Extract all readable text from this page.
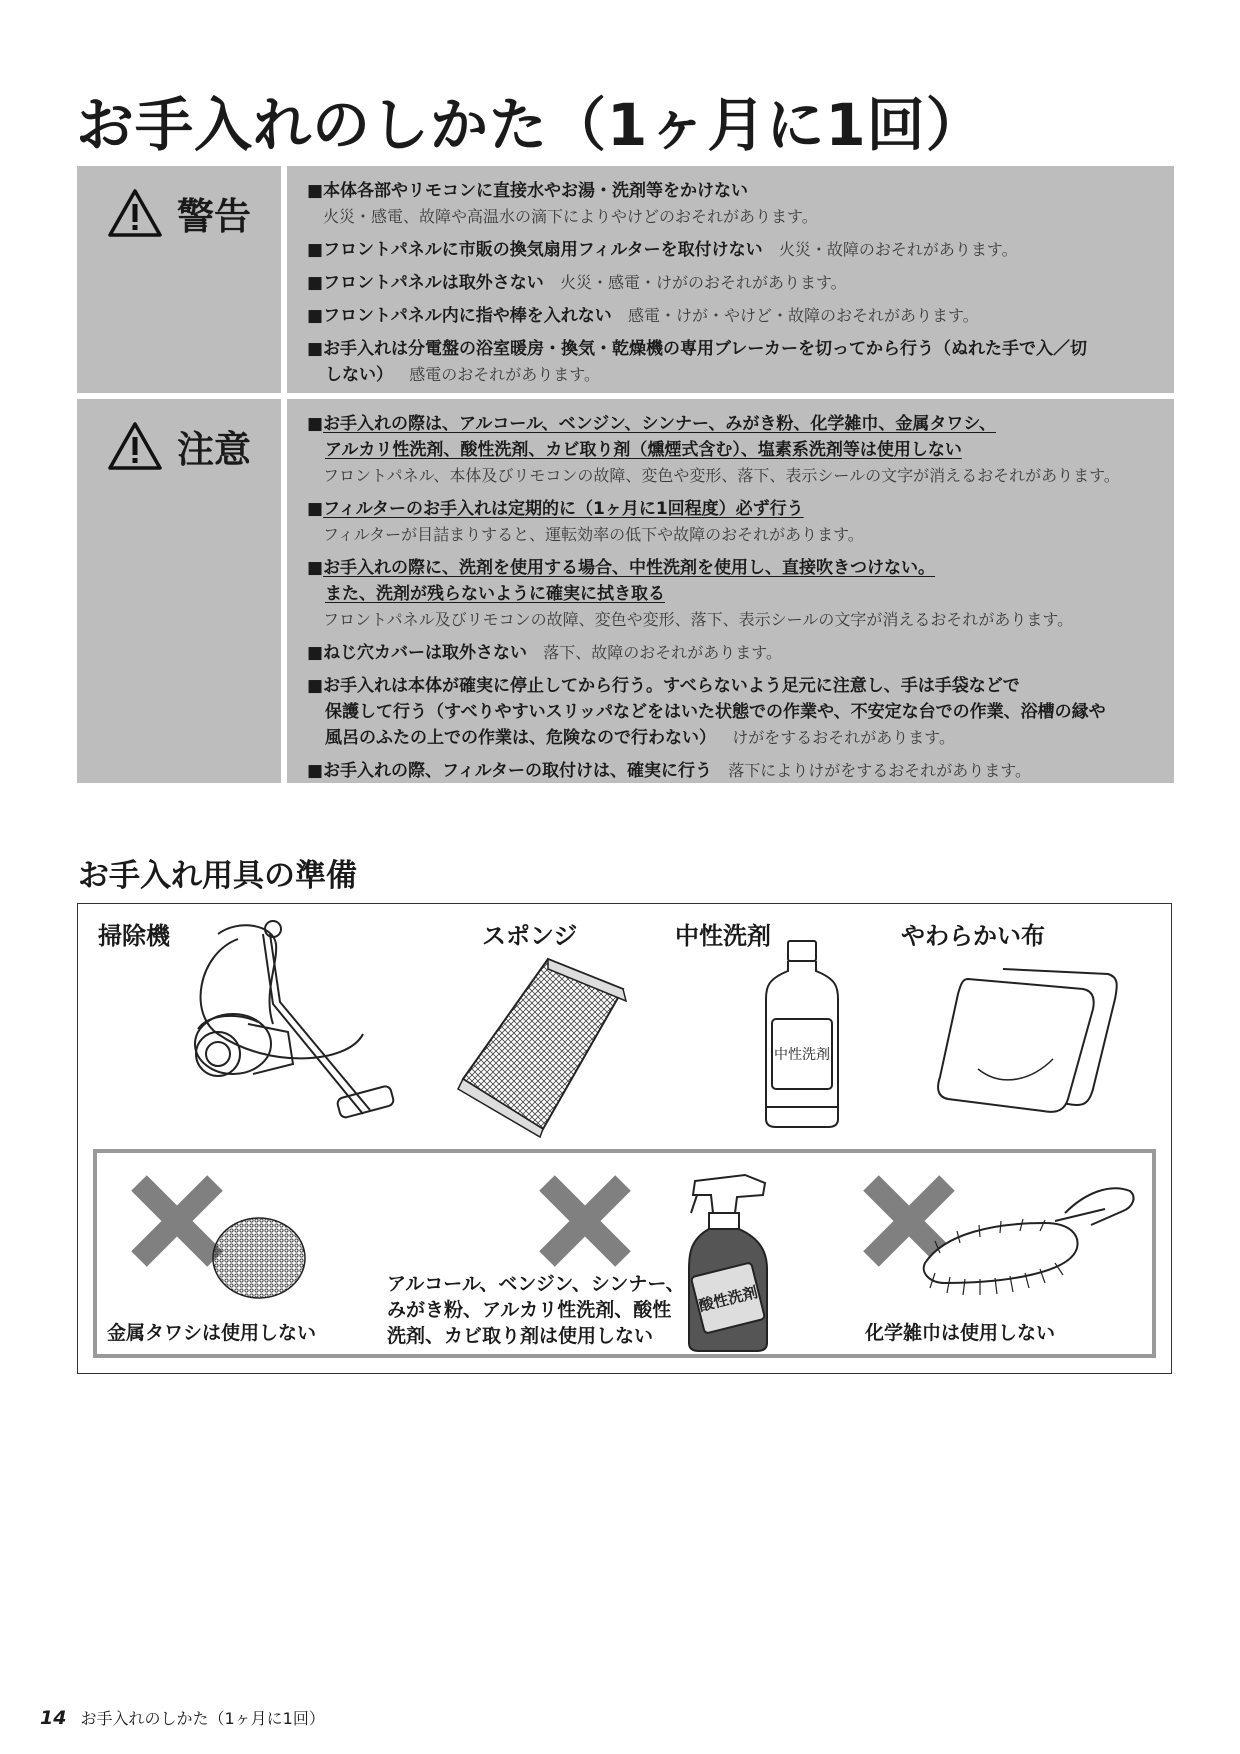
お手入れのしかた（1ヶ月に1回）
警告
■本体各部やリモコンに直接水やお湯・洗剤等をかけない
火災・感電、故障や高温水の滴下によりやけどのおそれがあります。
■フロントパネルに市販の換気扇用フィルターを取付けない 火災・故障のおそれがあります。
■フロントパネルは取外さない 火災・感電・けがのおそれがあります。
■フロントパネル内に指や棒を入れない 感電・けが・やけど・故障のおそれがあります。
■お手入れは分電盤の浴室暖房・換気・乾燥機の専用ブレーカーを切ってから行う（ぬれた手で入／切
しない） 感電のおそれがあります。
注意
■お手入れの際は、アルコール、ベンジン、シンナー、みがき粉、化学雑巾、金属タワシ、
アルカリ性洗剤、酸性洗剤、カビ取り剤（燻煙式含む）、塩素系洗剤等は使用しない
フロントパネル、本体及びリモコンの故障、変色や変形、落下、表示シールの文字が消えるおそれがあります。
■フィルターのお手入れは定期的に（1ヶ月に1回程度）必ず行う
フィルターが目詰まりすると、運転効率の低下や故障のおそれがあります。
■お手入れの際に、洗剤を使用する場合、中性洗剤を使用し、直接吹きつけない。
また、洗剤が残らないように確実に拭き取る
フロントパネル及びリモコンの故障、変色や変形、落下、表示シールの文字が消えるおそれがあります。
■ねじ穴カバーは取外さない 落下、故障のおそれがあります。
■お手入れは本体が確実に停止してから行う。すべらないよう足元に注意し、手は手袋などで
保護して行う（すべりやすいスリッパなどをはいた状態での作業や、不安定な台での作業、浴槽の縁や
風呂のふたの上での作業は、危険なので行わない） けがをするおそれがあります。
■お手入れの際、フィルターの取付けは、確実に行う 落下によりけがをするおそれがあります。
お手入れ用具の準備
掃除機	スポンジ	中性洗剤	やわらかい布
中性洗剤
酸性洗剤
金属タワシは使用しない
アルコール、ベンジン、シンナー、
みがき粉、アルカリ性洗剤、酸性
洗剤、カビ取り剤は使用しない	化学雑巾は使用しない
14 お手入れのしかた（1ヶ月に1回）
